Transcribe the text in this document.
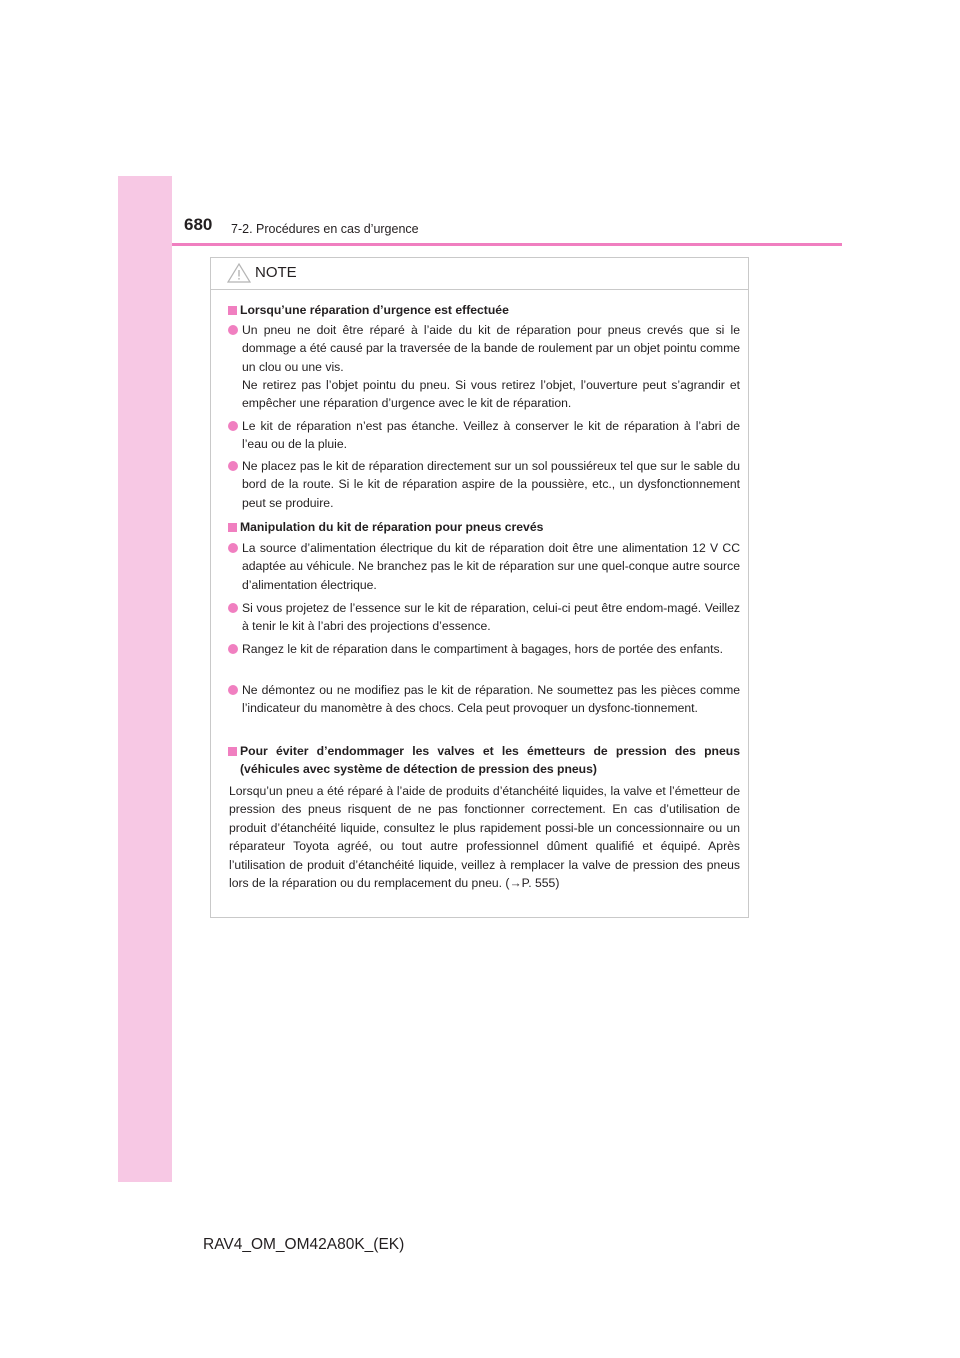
680 7-2. Procédures en cas d’urgence
NOTE
Lorsqu’une réparation d’urgence est effectuée
Un pneu ne doit être réparé à l’aide du kit de réparation pour pneus crevés que si le dommage a été causé par la traversée de la bande de roulement par un objet pointu comme un clou ou une vis.
Ne retirez pas l’objet pointu du pneu. Si vous retirez l’objet, l’ouverture peut s’agrandir et empêcher une réparation d’urgence avec le kit de réparation.
Le kit de réparation n’est pas étanche. Veillez à conserver le kit de réparation à l’abri de l’eau ou de la pluie.
Ne placez pas le kit de réparation directement sur un sol poussiéreux tel que sur le sable du bord de la route. Si le kit de réparation aspire de la poussière, etc., un dysfonctionnement peut se produire.
Manipulation du kit de réparation pour pneus crevés
La source d’alimentation électrique du kit de réparation doit être une alimentation 12 V CC adaptée au véhicule. Ne branchez pas le kit de réparation sur une quel-conque autre source d’alimentation électrique.
Si vous projetez de l’essence sur le kit de réparation, celui-ci peut être endom-magé. Veillez à tenir le kit à l’abri des projections d’essence.
Rangez le kit de réparation dans le compartiment à bagages, hors de portée des enfants.
Ne démontez ou ne modifiez pas le kit de réparation. Ne soumettez pas les pièces comme l’indicateur du manomètre à des chocs. Cela peut provoquer un dysfonc-tionnement.
Pour éviter d’endommager les valves et les émetteurs de pression des pneus (véhicules avec système de détection de pression des pneus)
Lorsqu’un pneu a été réparé à l’aide de produits d’étanchéité liquides, la valve et l’émetteur de pression des pneus risquent de ne pas fonctionner correctement. En cas d’utilisation de produit d’étanchéité liquide, consultez le plus rapidement possi-ble un concessionnaire ou un réparateur Toyota agréé, ou tout autre professionnel dûment qualifié et équipé. Après l’utilisation de produit d’étanchéité liquide, veillez à remplacer la valve de pression des pneus lors de la réparation ou du remplacement du pneu. (→P. 555)
RAV4_OM_OM42A80K_(EK)
